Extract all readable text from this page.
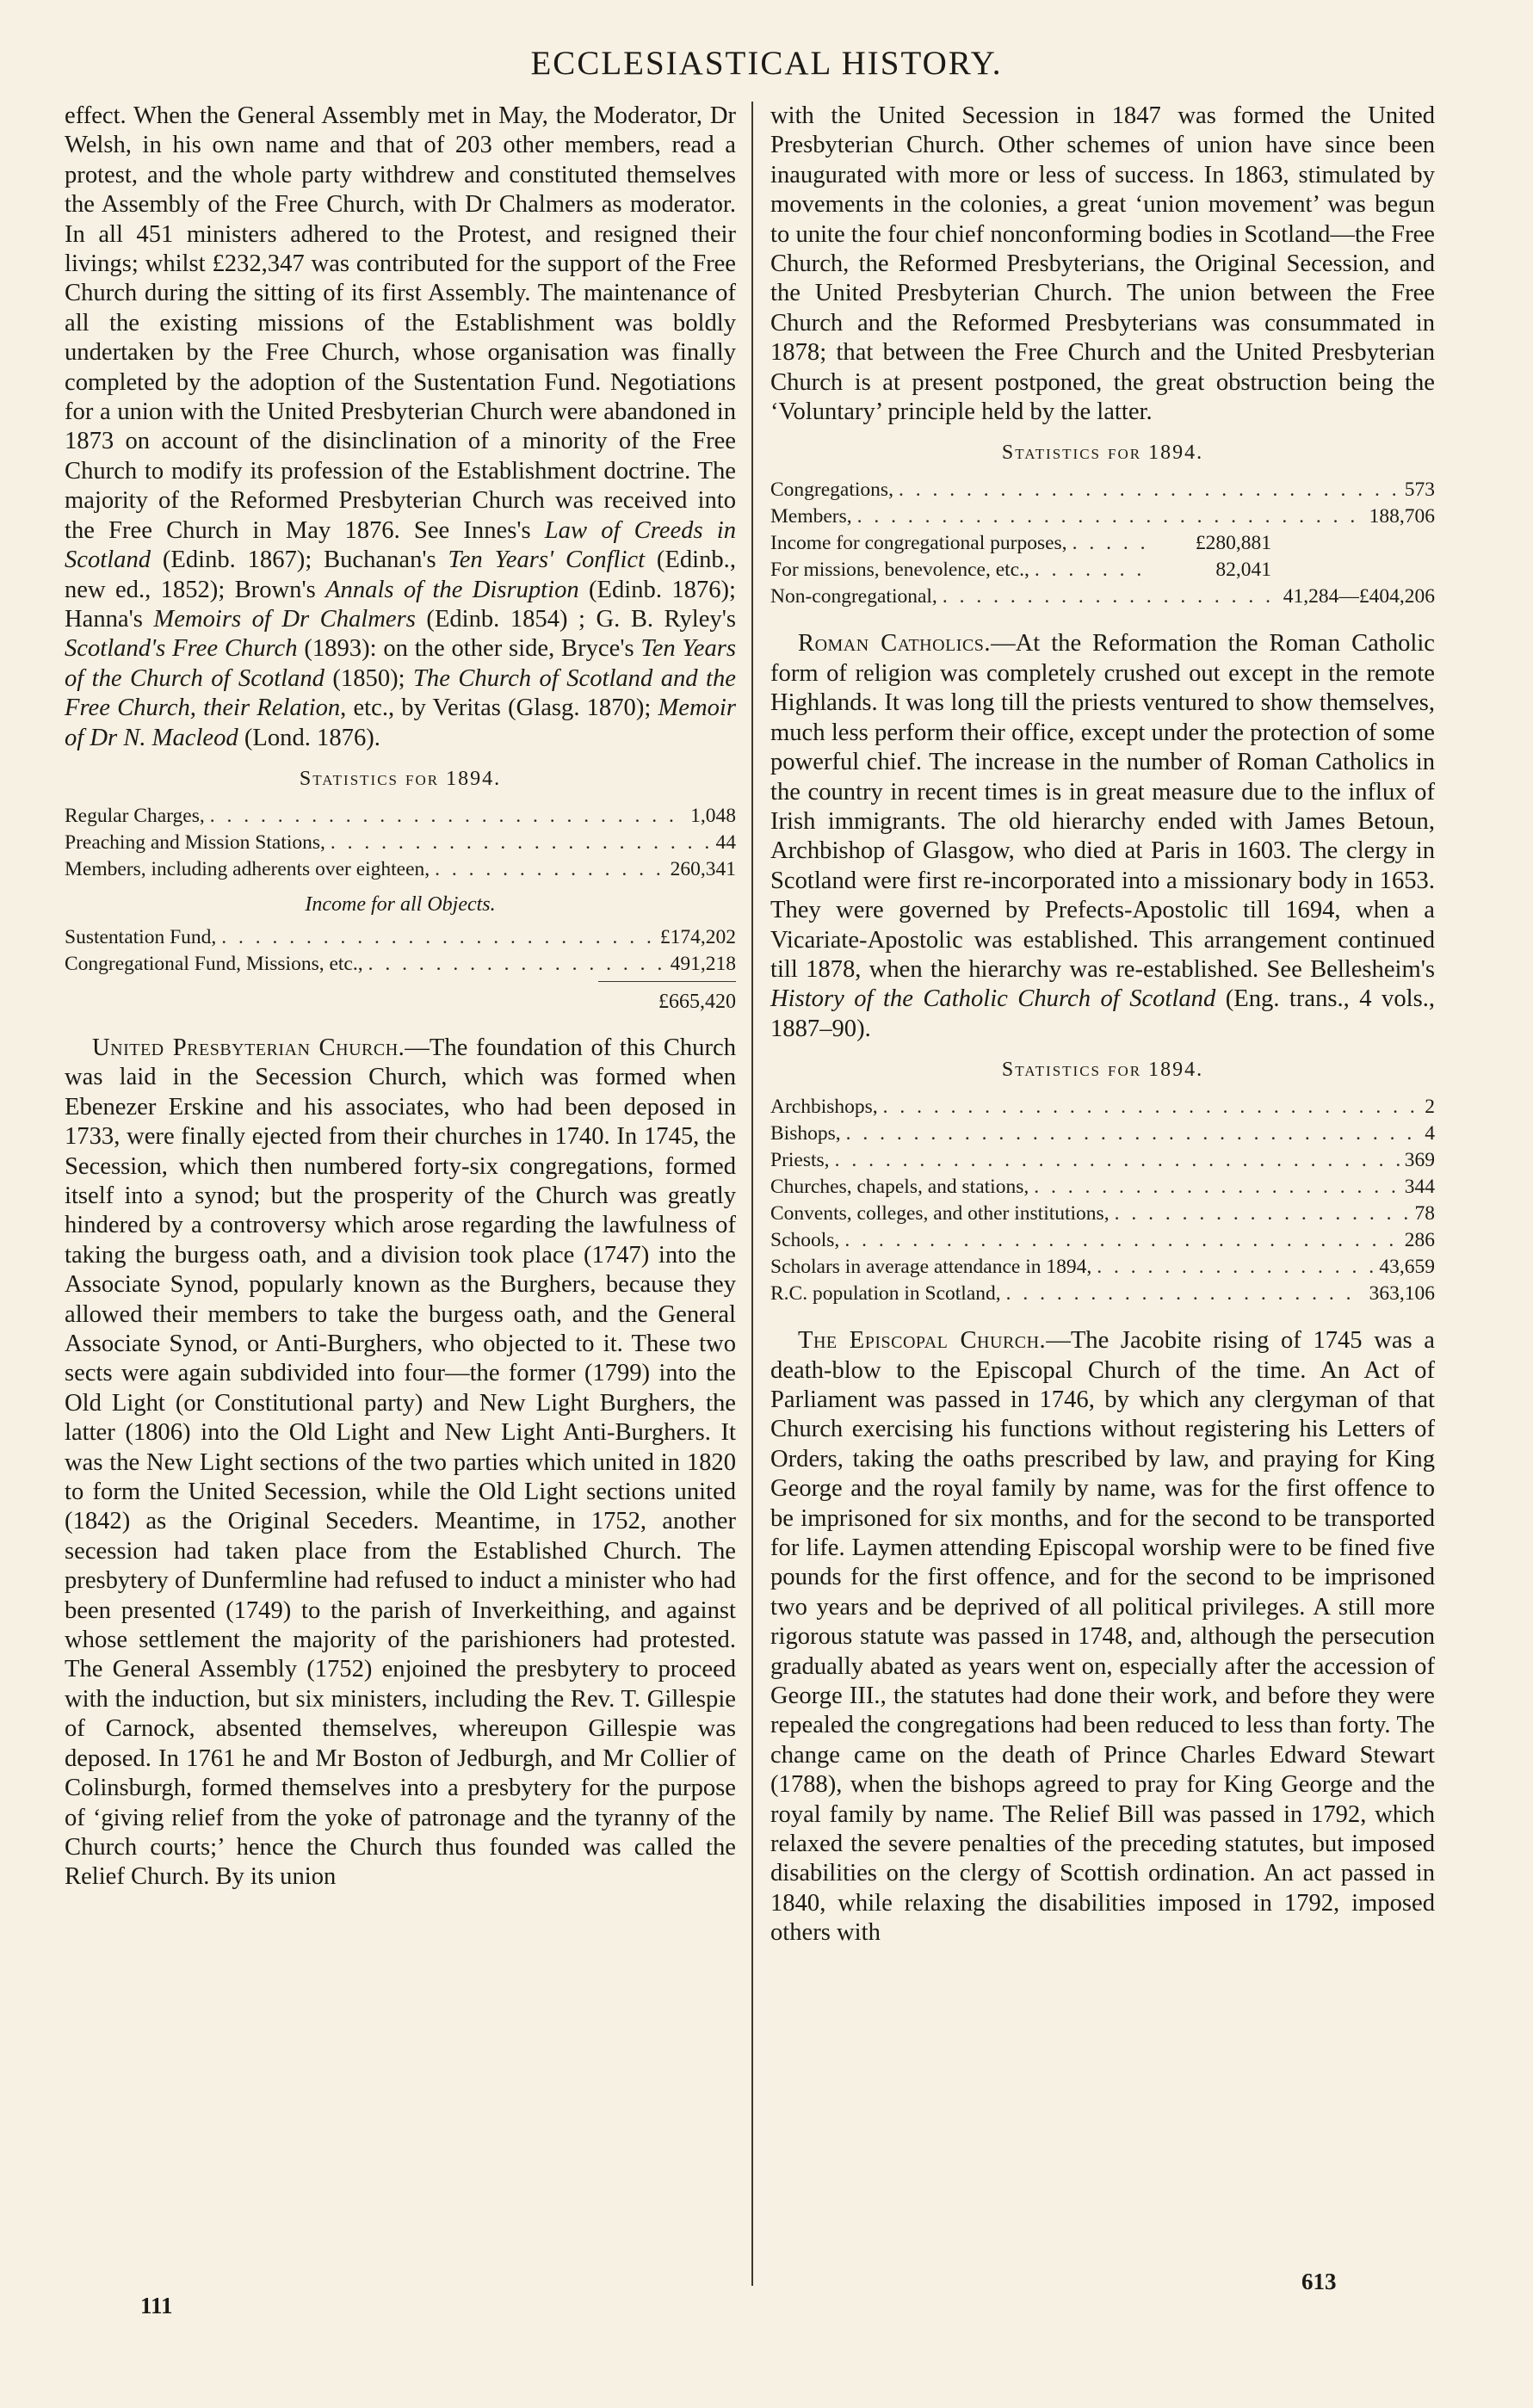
ECCLESIASTICAL HISTORY.

effect. When the General Assembly met in May, the Moderator, Dr Welsh, in his own name and that of 203 other members, read a protest, and the whole party withdrew and constituted themselves the Assembly of the Free Church, with Dr Chalmers as moderator. In all 451 ministers adhered to the Protest, and resigned their livings; whilst £232,347 was contributed for the support of the Free Church during the sitting of its first Assembly. The maintenance of all the existing missions of the Establishment was boldly undertaken by the Free Church, whose organisation was finally completed by the adoption of the Sustentation Fund. Negotiations for a union with the United Presbyterian Church were abandoned in 1873 on account of the disinclination of a minority of the Free Church to modify its profession of the Establishment doctrine. The majority of the Reformed Presbyterian Church was received into the Free Church in May 1876. See Innes's Law of Creeds in Scotland (Edinb. 1867); Buchanan's Ten Years' Conflict (Edinb., new ed., 1852); Brown's Annals of the Disruption (Edinb. 1876); Hanna's Memoirs of Dr Chalmers (Edinb. 1854) ; G. B. Ryley's Scotland's Free Church (1893): on the other side, Bryce's Ten Years of the Church of Scotland (1850); The Church of Scotland and the Free Church, their Relation, etc., by Veritas (Glasg. 1870); Memoir of Dr N. Macleod (Lond. 1876).

Statistics for 1894.
Regular Charges, . . .	1,048
Preaching and Mission Stations, . . .	44
Members, including adherents over eighteen, . . .	260,341
Income for all Objects.
Sustentation Fund, . . .	£174,202
Congregational Fund, Missions, etc., . . .	491,218
£665,420

United Presbyterian Church.—The foundation of this Church was laid in the Secession Church, which was formed when Ebenezer Erskine and his associates, who had been deposed in 1733, were finally ejected from their churches in 1740. In 1745, the Secession, which then numbered forty-six congregations, formed itself into a synod; but the prosperity of the Church was greatly hindered by a controversy which arose regarding the lawfulness of taking the burgess oath, and a division took place (1747) into the Associate Synod, popularly known as the Burghers, because they allowed their members to take the burgess oath, and the General Associate Synod, or Anti-Burghers, who objected to it. These two sects were again subdivided into four—the former (1799) into the Old Light (or Constitutional party) and New Light Burghers, the latter (1806) into the Old Light and New Light Anti-Burghers. It was the New Light sections of the two parties which united in 1820 to form the United Secession, while the Old Light sections united (1842) as the Original Seceders. Meantime, in 1752, another secession had taken place from the Established Church. The presbytery of Dunfermline had refused to induct a minister who had been presented (1749) to the parish of Inverkeithing, and against whose settlement the majority of the parishioners had protested. The General Assembly (1752) enjoined the presbytery to proceed with the induction, but six ministers, including the Rev. T. Gillespie of Carnock, absented themselves, whereupon Gillespie was deposed. In 1761 he and Mr Boston of Jedburgh, and Mr Collier of Colinsburgh, formed themselves into a presbytery for the purpose of ‘giving relief from the yoke of patronage and the tyranny of the Church courts;’ hence the Church thus founded was called the Relief Church. By its union

with the United Secession in 1847 was formed the United Presbyterian Church. Other schemes of union have since been inaugurated with more or less of success. In 1863, stimulated by movements in the colonies, a great ‘union movement’ was begun to unite the four chief nonconforming bodies in Scotland—the Free Church, the Reformed Presbyterians, the Original Secession, and the United Presbyterian Church. The union between the Free Church and the Reformed Presbyterians was consummated in 1878; that between the Free Church and the United Presbyterian Church is at present postponed, the great obstruction being the ‘Voluntary’ principle held by the latter.

Statistics for 1894.
Congregations, . . .	573
Members, . . .	188,706
Income for congregational purposes, . . .	£280,881
For missions, benevolence, etc., . . .	82,041
Non-congregational, . . .	41,284—£404,206

Roman Catholics.—At the Reformation the Roman Catholic form of religion was completely crushed out except in the remote Highlands. It was long till the priests ventured to show themselves, much less perform their office, except under the protection of some powerful chief. The increase in the number of Roman Catholics in the country in recent times is in great measure due to the influx of Irish immigrants. The old hierarchy ended with James Betoun, Archbishop of Glasgow, who died at Paris in 1603. The clergy in Scotland were first re-incorporated into a missionary body in 1653. They were governed by Prefects-Apostolic till 1694, when a Vicariate-Apostolic was established. This arrangement continued till 1878, when the hierarchy was re-established. See Bellesheim's History of the Catholic Church of Scotland (Eng. trans., 4 vols., 1887–90).

Statistics for 1894.
Archbishops, . . .	2
Bishops, . . .	4
Priests, . . .	369
Churches, chapels, and stations, . . .	344
Convents, colleges, and other institutions, . . .	78
Schools, . . .	286
Scholars in average attendance in 1894, . . .	43,659
R.C. population in Scotland, . . .	363,106

The Episcopal Church.—The Jacobite rising of 1745 was a death-blow to the Episcopal Church of the time. An Act of Parliament was passed in 1746, by which any clergyman of that Church exercising his functions without registering his Letters of Orders, taking the oaths prescribed by law, and praying for King George and the royal family by name, was for the first offence to be imprisoned for six months, and for the second to be transported for life. Laymen attending Episcopal worship were to be fined five pounds for the first offence, and for the second to be imprisoned two years and be deprived of all political privileges. A still more rigorous statute was passed in 1748, and, although the persecution gradually abated as years went on, especially after the accession of George III., the statutes had done their work, and before they were repealed the congregations had been reduced to less than forty. The change came on the death of Prince Charles Edward Stewart (1788), when the bishops agreed to pray for King George and the royal family by name. The Relief Bill was passed in 1792, which relaxed the severe penalties of the preceding statutes, but imposed disabilities on the clergy of Scottish ordination. An act passed in 1840, while relaxing the disabilities imposed in 1792, imposed others with

111
613
